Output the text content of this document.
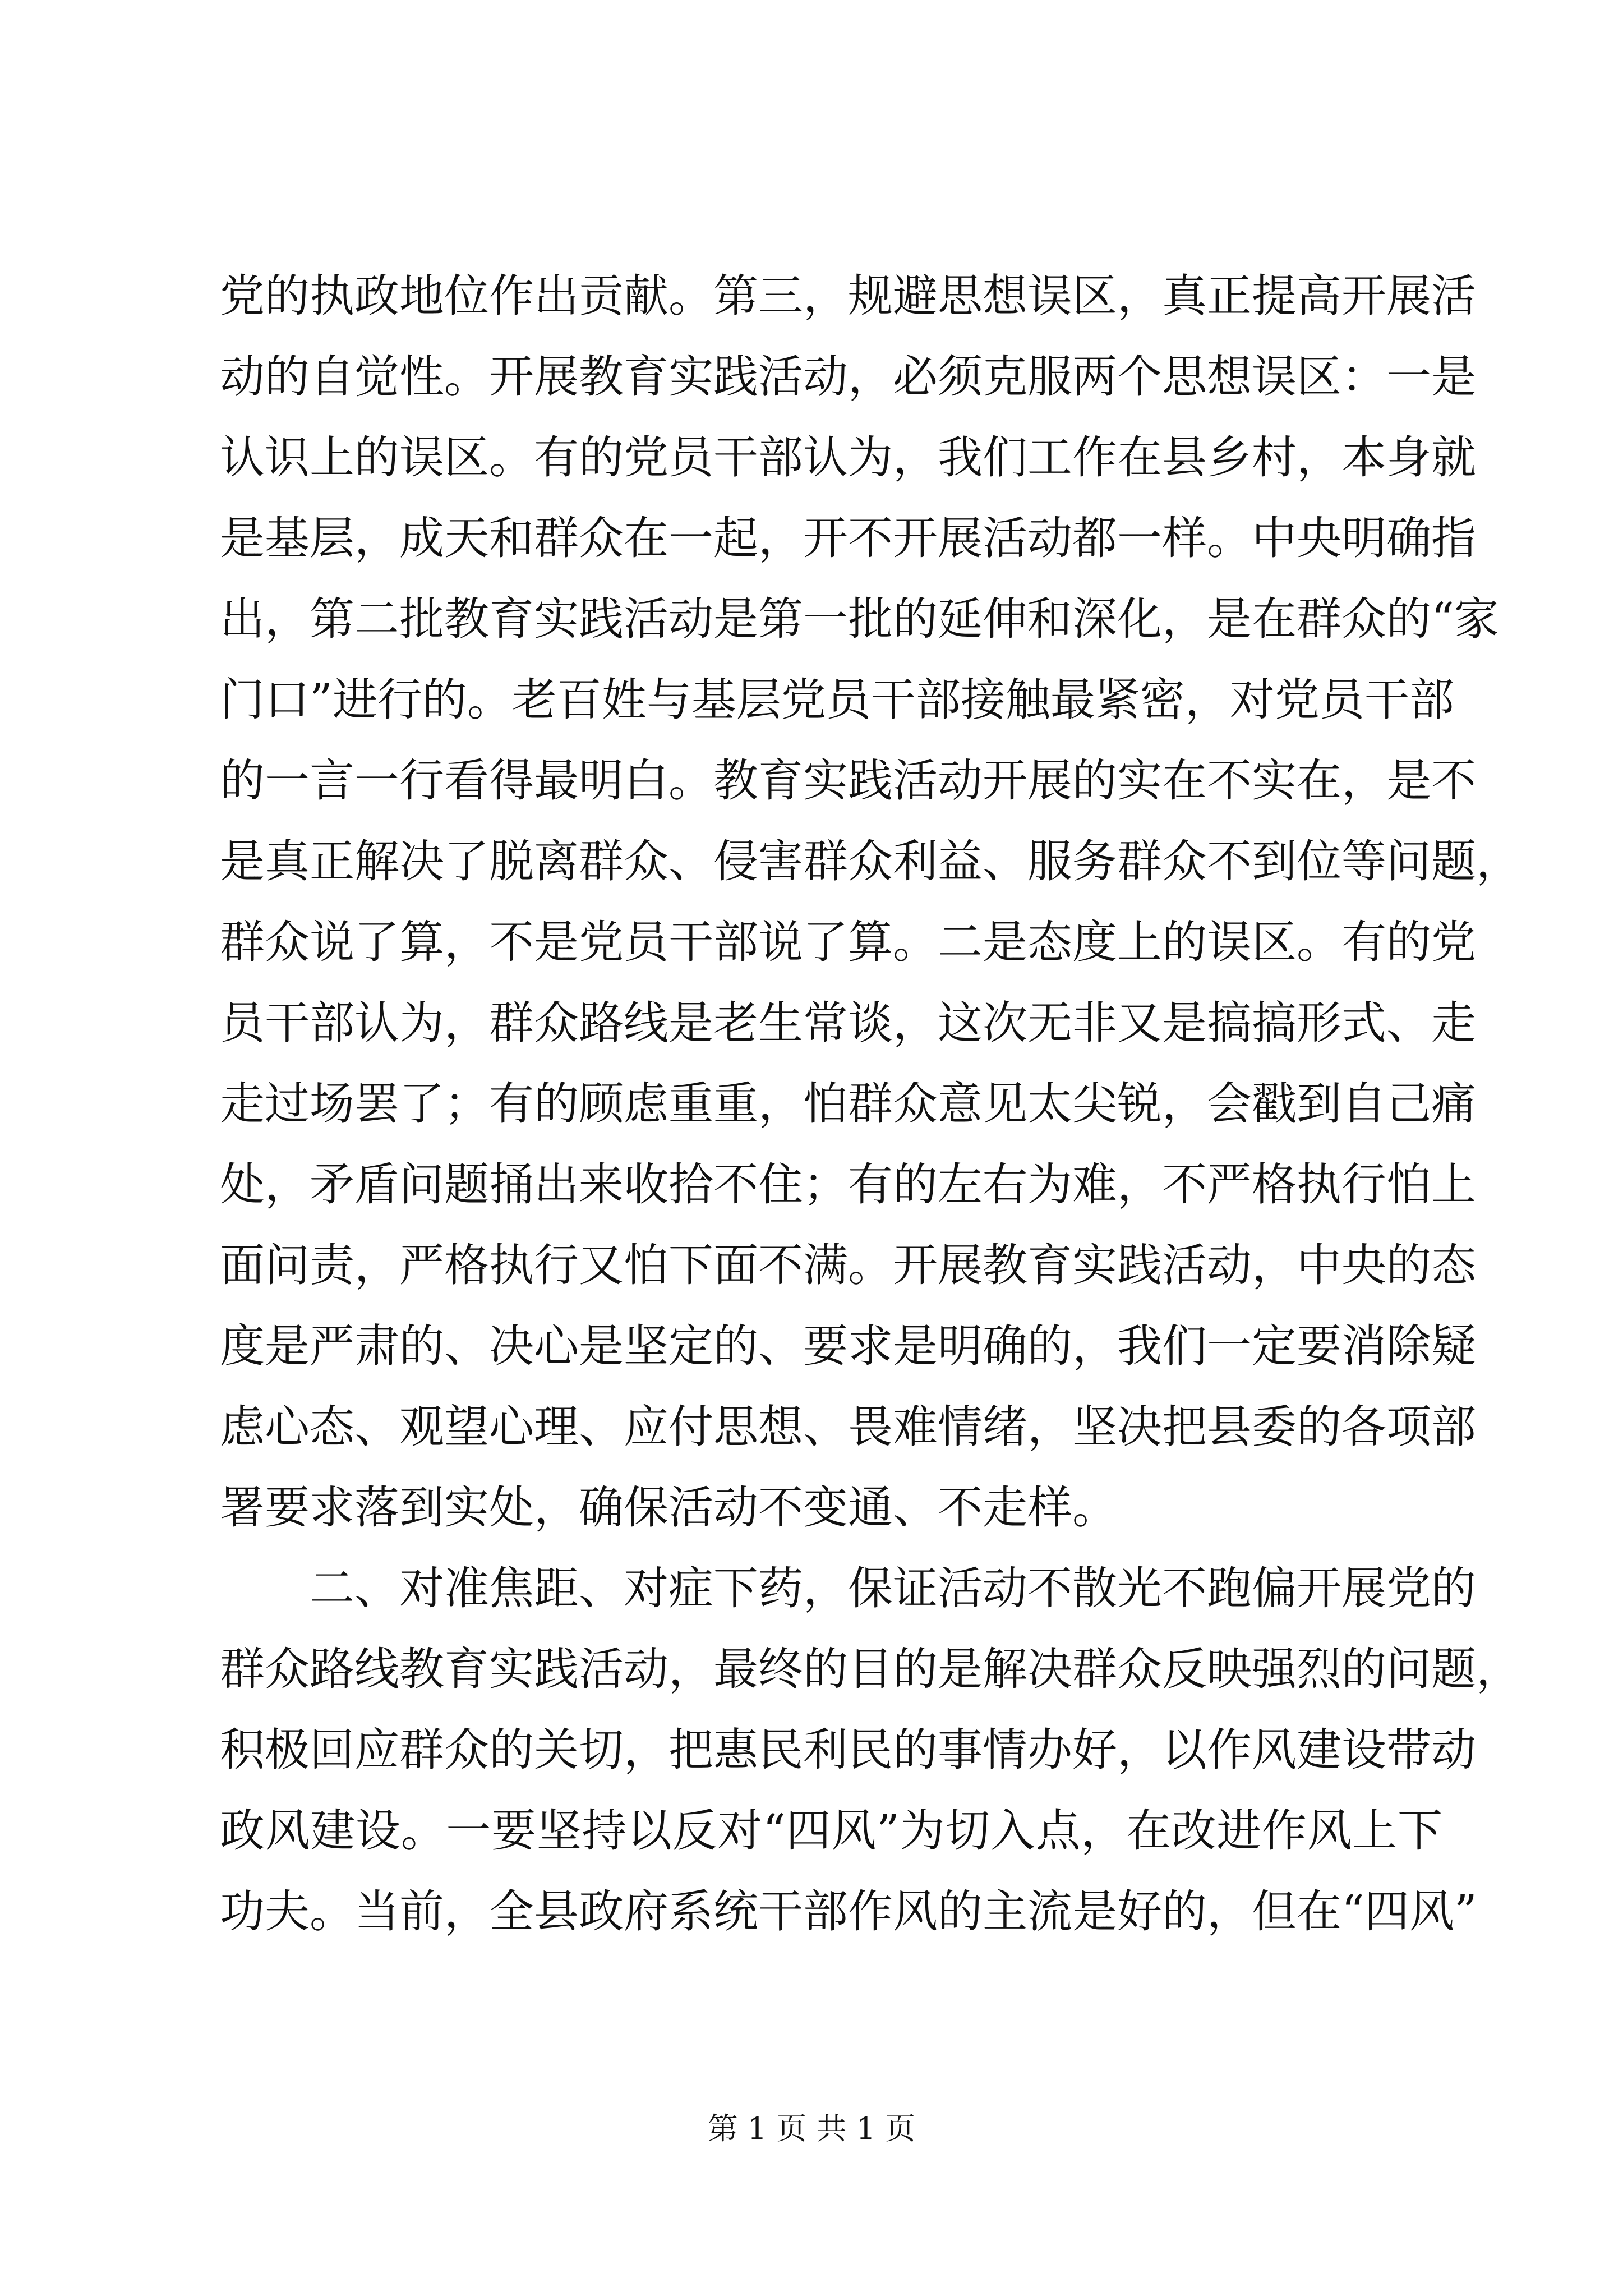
党的执政地位作出贡献。第三，规避思想误区，真正提高开展活
动的自觉性。开展教育实践活动，必须克服两个思想误区：一是
认识上的误区。有的党员干部认为，我们工作在县乡村，本身就
是基层，成天和群众在一起，开不开展活动都一样。中央明确指
出，第二批教育实践活动是第一批的延伸和深化，是在群众的“家
门口”进行的。老百姓与基层党员干部接触最紧密，对党员干部
的一言一行看得最明白。教育实践活动开展的实在不实在，是不
是真正解决了脱离群众、侵害群众利益、服务群众不到位等问题，
群众说了算，不是党员干部说了算。二是态度上的误区。有的党
员干部认为，群众路线是老生常谈，这次无非又是搞搞形式、走
走过场罢了；有的顾虑重重，怕群众意见太尖锐，会戳到自己痛
处，矛盾问题捅出来收拾不住；有的左右为难，不严格执行怕上
面问责，严格执行又怕下面不满。开展教育实践活动，中央的态
度是严肃的、决心是坚定的、要求是明确的，我们一定要消除疑
虑心态、观望心理、应付思想、畏难情绪，坚决把县委的各项部
署要求落到实处，确保活动不变通、不走样。
二、对准焦距、对症下药，保证活动不散光不跑偏开展党的
群众路线教育实践活动，最终的目的是解决群众反映强烈的问题，
积极回应群众的关切，把惠民利民的事情办好，以作风建设带动
政风建设。一要坚持以反对“四风”为切入点，在改进作风上下
功夫。当前，全县政府系统干部作风的主流是好的，但在“四风”
第 1 页 共 1 页
